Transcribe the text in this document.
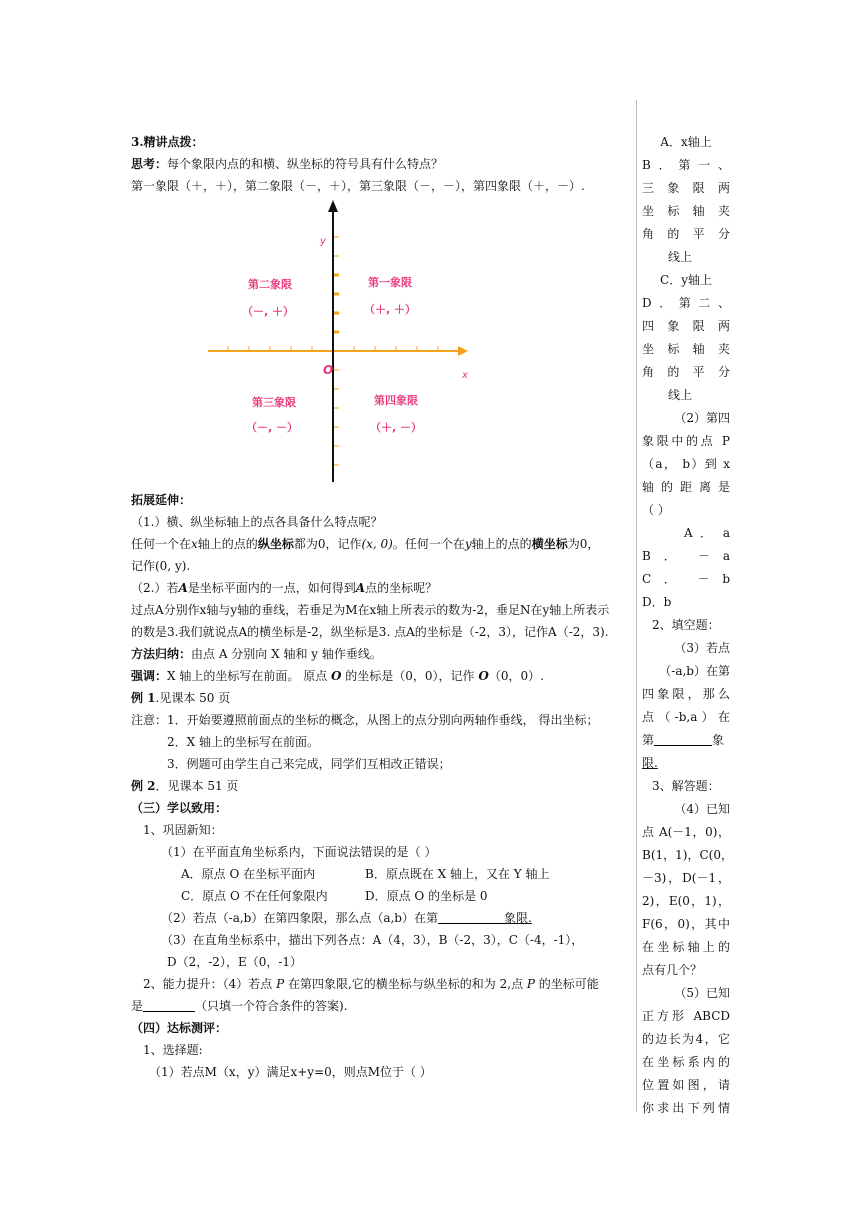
3.精讲点拨：
思考：每个象限内点的和横、纵坐标的符号具有什么特点？
第一象限（＋，＋），第二象限（－，＋），第三象限（－，－），第四象限（＋，－）.
拓展延伸：
（1.）横、纵坐标轴上的点各具备什么特点呢？
任何一个在x轴上的点的纵坐标都为0，记作(x, 0)。任何一个在y轴上的点的横坐标为0，
记作(0, y).
（2.）若A是坐标平面内的一点，如何得到A点的坐标呢？
过点A分别作x轴与y轴的垂线，若垂足为M在x轴上所表示的数为-2，垂足N在y轴上所表示
的数是3.我们就说点A的横坐标是-2，纵坐标是3. 点A的坐标是（-2，3），记作A（-2，3).
方法归纳：由点 A 分别向 X 轴和 y 轴作垂线。
强调：X 轴上的坐标写在前面。 原点 O 的坐标是（0，0），记作 O（0，0）.
例 1.见课本 50 页
注意：1．开始要遵照前面点的坐标的概念，从图上的点分别向两轴作垂线， 得出坐标；
2．X 轴上的坐标写在前面。
3．例题可由学生自己来完成，同学们互相改正错误；
例 2．见课本 51 页
（三）学以致用：
1、巩固新知：
（1）在平面直角坐标系内，下面说法错误的是（ ）
A．原点 O 在坐标平面内	B．原点既在 X 轴上，又在 Y 轴上
C．原点 O 不在任何象限内	D．原点 O 的坐标是 0
（2）若点（-a,b）在第四象限，那么点（a,b）在第	象限.
（3）在直角坐标系中，描出下列各点：A（4，3），B（-2，3），C（-4，-1），
D（2，-2），E（0，-1）
2、能力提升：（4）若点 P 在第四象限,它的横坐标与纵坐标的和为 2,点 P 的坐标可能
是	（只填一个符合条件的答案).
（四）达标测评：
1、选择题:
（1）若点M（x，y）满足x+y=0，则点M位于（ ）
y
x
O
第二象限
（－, ＋）
第一象限
（＋, ＋）
第三象限
（－, －）
第四象限
（＋, －）
A．x轴上
B．第一、
三象限两
坐标轴夹
角的平分
线上
C．y轴上
D．第二、
四象限两
坐标轴夹
角的平分
线上
（2）第四
象限中的点 P
（a， b）到 x
轴的距离是
（ ）
A ． a
B ． － a
C ． － b
D．b
2、填空题：
（3）若点
（-a,b）在第
四象限，那么
点（-b,a）在
第	象
限.
3、解答题：
（4）已知
点 A(－1，0)，
B(1，1)，C(0，
－3)，D(－1，
2)，E(0，1)，
F(6，0)，其中
在坐标轴上的
点有几个？
（5）已知
正方形 ABCD
的边长为4，它
在坐标系内的
位置如图，请
你求出下列情
